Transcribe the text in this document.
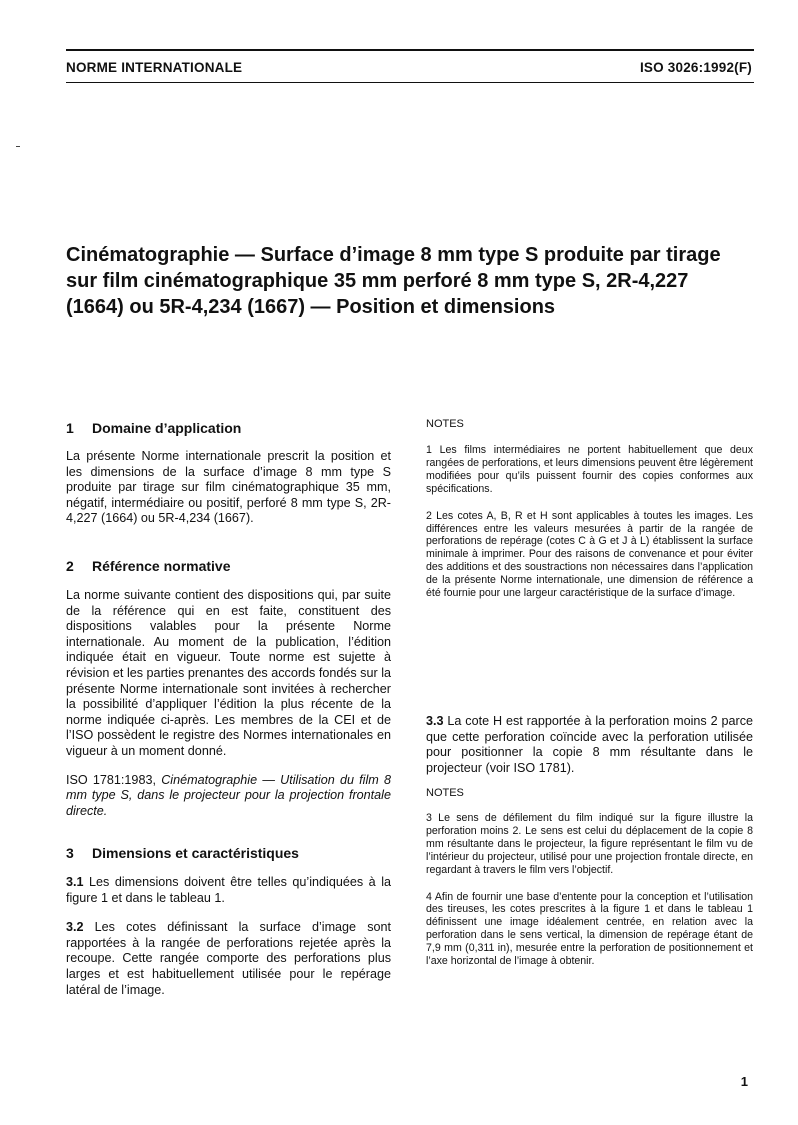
NORME INTERNATIONALE	ISO 3026:1992(F)
Cinématographie — Surface d’image 8 mm type S produite par tirage sur film cinématographique 35 mm perforé 8 mm type S, 2R-4,227 (1664) ou 5R-4,234 (1667) — Position et dimensions
1 Domaine d’application

La présente Norme internationale prescrit la position et les dimensions de la surface d’image 8 mm type S produite par tirage sur film cinématographique 35 mm, négatif, intermédiaire ou positif, perforé 8 mm type S, 2R-4,227 (1664) ou 5R-4,234 (1667).

2 Référence normative

La norme suivante contient des dispositions qui, par suite de la référence qui en est faite, constituent des dispositions valables pour la présente Norme internationale. Au moment de la publication, l’édition indiquée était en vigueur. Toute norme est sujette à révision et les parties prenantes des accords fondés sur la présente Norme internationale sont invitées à rechercher la possibilité d’appliquer l’édition la plus récente de la norme indiquée ci-après. Les membres de la CEI et de l’ISO possèdent le registre des Normes internationales en vigueur à un moment donné.

ISO 1781:1983, Cinématographie — Utilisation du film 8 mm type S, dans le projecteur pour la projection frontale directe.

3 Dimensions et caractéristiques

3.1 Les dimensions doivent être telles qu’indiquées à la figure 1 et dans le tableau 1.

3.2 Les cotes définissant la surface d’image sont rapportées à la rangée de perforations rejetée après la recoupe. Cette rangée comporte des perforations plus larges et est habituellement utilisée pour le repérage latéral de l’image.

NOTES

1 Les films intermédiaires ne portent habituellement que deux rangées de perforations, et leurs dimensions peuvent être légèrement modifiées pour qu’ils puissent fournir des copies conformes aux spécifications.

2 Les cotes A, B, R et H sont applicables à toutes les images. Les différences entre les valeurs mesurées à partir de la rangée de perforations de repérage (cotes C à G et J à L) établissent la surface minimale à imprimer. Pour des raisons de convenance et pour éviter des additions et des soustractions non nécessaires dans l’application de la présente Norme internationale, une dimension de référence a été fournie pour une largeur caractéristique de la surface d’image.

3.3 La cote H est rapportée à la perforation moins 2 parce que cette perforation coïncide avec la perforation utilisée pour positionner la copie 8 mm résultante dans le projecteur (voir ISO 1781).

NOTES

3 Le sens de défilement du film indiqué sur la figure illustre la perforation moins 2. Le sens est celui du déplacement de la copie 8 mm résultante dans le projecteur, la figure représentant le film vu de l’intérieur du projecteur, utilisé pour une projection frontale directe, en regardant à travers le film vers l’objectif.

4 Afin de fournir une base d’entente pour la conception et l’utilisation des tireuses, les cotes prescrites à la figure 1 et dans le tableau 1 définissent une image idéalement centrée, en relation avec la perforation dans le sens vertical, la dimension de repérage étant de 7,9 mm (0,311 in), mesurée entre la perforation de positionnement et l’axe horizontal de l’image à obtenir.

1
